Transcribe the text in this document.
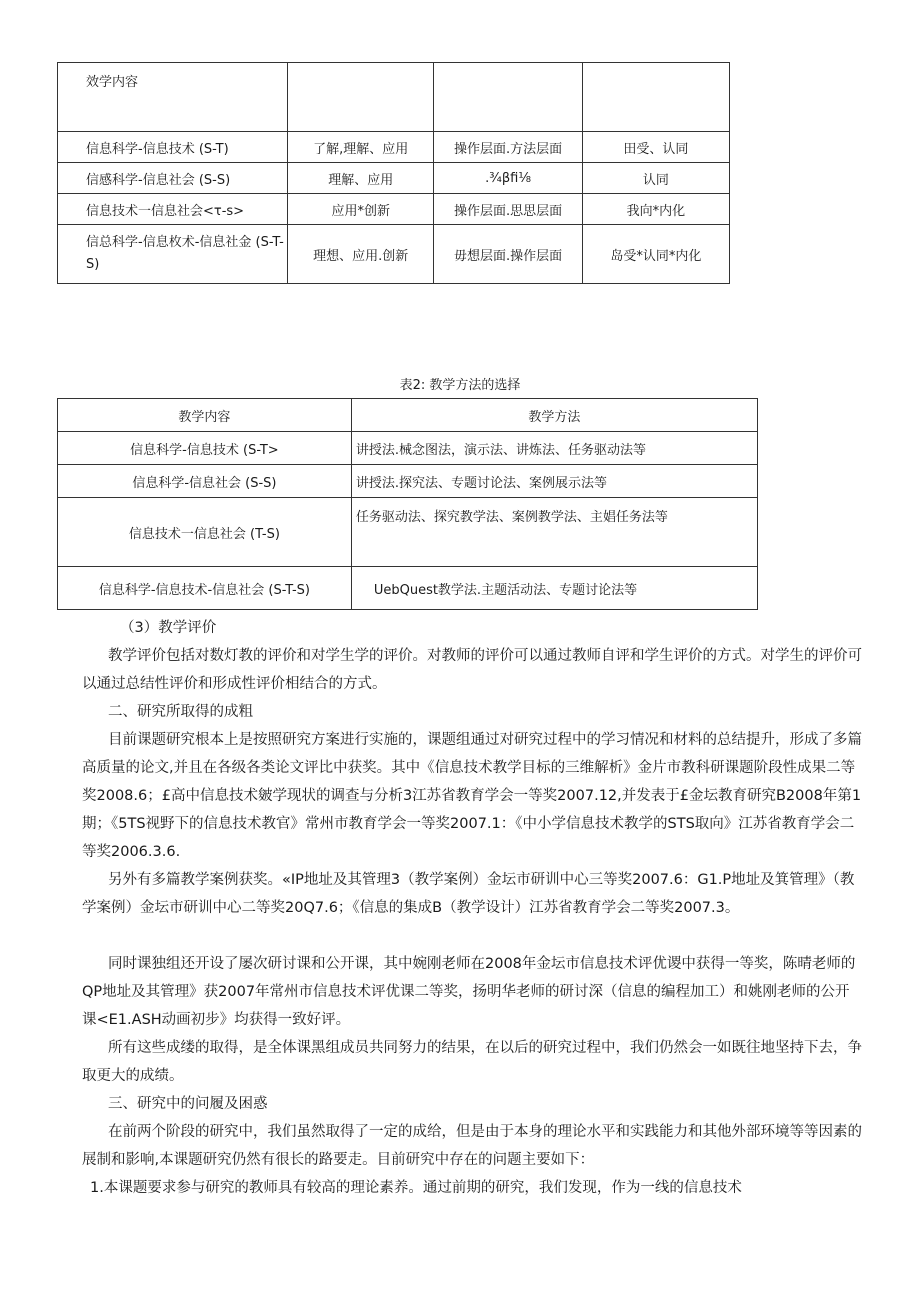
效学内容			
信息科学-信息技术 (S-T)	了解,理解、应用	操作层面.方法层面	田受、认同
信感科学-信息社会 (S-S)	理解、应用	.¾βfi⅛	认同
信息技术一信息社会<τ-s>	应用*创新	操作层面.思思层面	我向*内化
信总科学-信息枚术-信息社金 (S-T-S)	理想、应用.创新	毋想层面.操作层面	岛受*认同*内化
表2: 教学方法的选择
教学内容	教学方法
信息科学-信息技术 (S-T>	讲授法.械念图法，演示法、讲炼法、任务驱动法等
信息科学-信息社会 (S-S)	讲授法.探究法、专题讨论法、案例展示法等
信息技术一信息社会 (T-S)	任务驱动法、探究教学法、案例教学法、主娼任务法等
信息科学-信息技术-信息社会 (S-T-S)	UebQuest教学法.主题活动法、专题讨论法等

（3）教学评价

教学评价包括对数灯教的评价和对学生学的评价。对教师的评价可以通过教师自评和学生评价的方式。对学生的评价可以通过总结性评价和形成性评价相结合的方式。

二、研究所取得的成粗

目前课题研究根本上是按照研究方案进行实施的，课题组通过对研究过程中的学习情况和材料的总结提升，形成了多篇高质量的论文,并且在各级各类论文评比中获奖。其中《信息技术教学目标的三维解析》金片市教科研课题阶段性成果二等奖2008.6；£高中信息技术皴学现状的调查与分析3江苏省教育学会一等奖2007.12,并发表于£金坛教育研究B2008年第1期；《5TS视野下的信息技术教官》常州市教育学会一等奖2007.1：《中小学信息技术教学的STS取向》江苏省教育学会二等奖2006.3.6.

另外有多篇教学案例获奖。«IP地址及其管理3（教学案例）金坛市研训中心三等奖2007.6：G1.P地址及箕管理》（教学案例）金坛市研训中心二等奖20Q7.6；《信息的集成B（教学设计）江苏省教育学会二等奖2007.3。

同时课独组还开设了屡次研讨课和公开课，其中婉刚老师在2008年金坛市信息技术评优谡中获得一等奖，陈晴老师的QP地址及其管理》获2007年常州市信息技术评优课二等奖，扬明华老师的研讨深（信息的编程加工）和姚刚老师的公开课<E1.ASH动画初步》均获得一致好评。

所有这些成缕的取得，是全体课黑组成员共同努力的结果，在以后的研究过程中，我们仍然会一如既往地坚持下去，争取更大的成绩。

三、研究中的问履及困惑

在前两个阶段的研究中，我们虽然取得了一定的成给，但是由于本身的理论水平和实践能力和其他外部环境等等因素的展制和影响,本课题研究仍然有很长的路要走。目前研究中存在的问题主要如下：

1.本课题要求参与研究的教师具有较高的理论素养。通过前期的研究，我们发现，作为一线的信息技术
